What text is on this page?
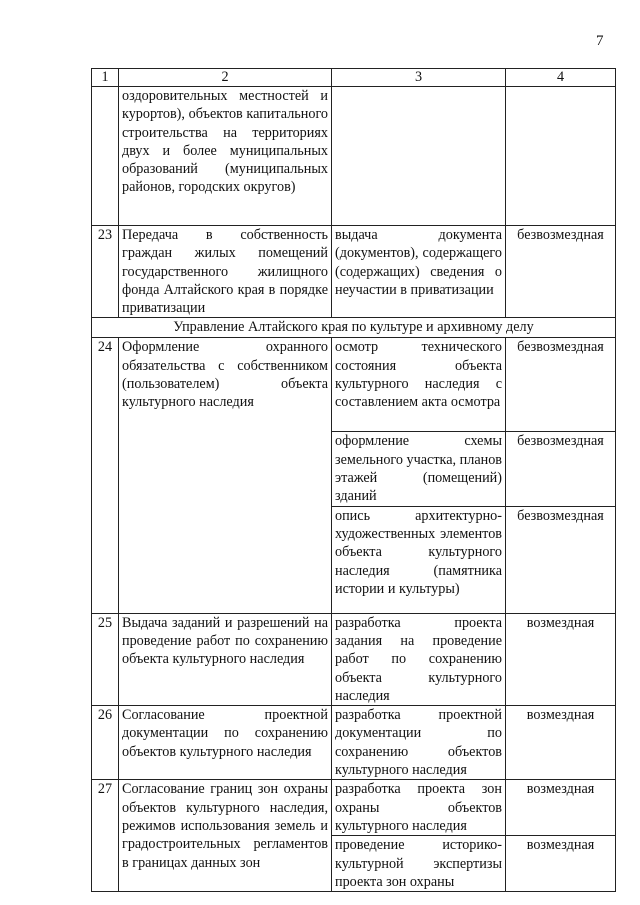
7
1	2	3	4
	оздоровительных местностей и курортов), объектов капитального строительства на территориях двух и более муниципальных образований (муниципальных районов, городских округов)		
23	Передача в собственность граждан жилых помещений государственного жилищного фонда Алтайского края в порядке приватизации	выдача документа (документов), содержащего (содержащих) сведения о неучастии в приватизации	безвозмездная
Управление Алтайского края по культуре и архивному делу			
24	Оформление охранного обязательства с собственником (пользователем) объекта культурного наследия	осмотр технического состояния объекта культурного наследия с составлением акта осмотра	безвозмездная
		оформление схемы земельного участка, планов этажей (помещений) зданий	безвозмездная
		опись архитектурно-художественных элементов объекта культурного наследия (памятника истории и культуры)	безвозмездная
25	Выдача заданий и разрешений на проведение работ по сохранению объекта культурного наследия	разработка проекта задания на проведение работ по сохранению объекта культурного наследия	возмездная
26	Согласование проектной документации по сохранению объектов культурного наследия	разработка проектной документации по сохранению объектов культурного наследия	возмездная
27	Согласование границ зон охраны объектов культурного наследия, режимов использования земель и градостроительных регламентов в границах данных зон	разработка проекта зон охраны объектов культурного наследия	возмездная
		проведение историко-культурной экспертизы проекта зон охраны	возмездная
